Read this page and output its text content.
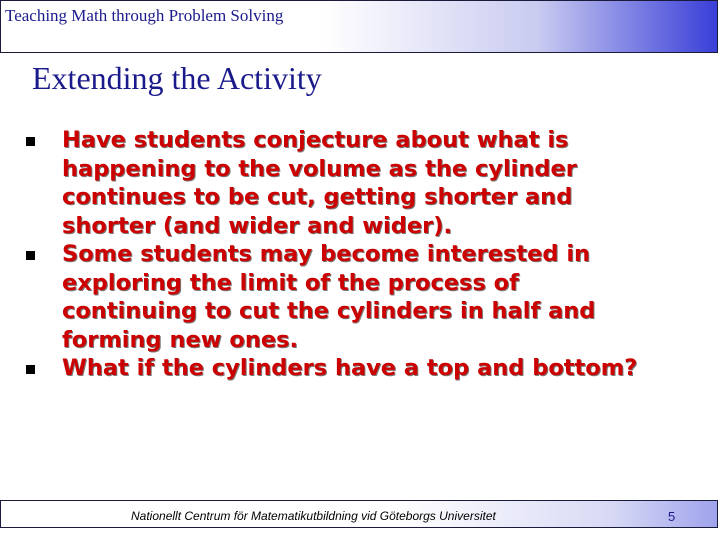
Teaching Math through Problem Solving
Extending the Activity
Have students conjecture about what is
happening to the volume as the cylinder
continues to be cut, getting shorter and
shorter (and wider and wider).
Some students may become interested in
exploring the limit of the process of
continuing to cut the cylinders in half and
forming new ones.
What if the cylinders have a top and bottom?
Nationellt Centrum för Matematikutbildning vid Göteborgs Universitet	5
